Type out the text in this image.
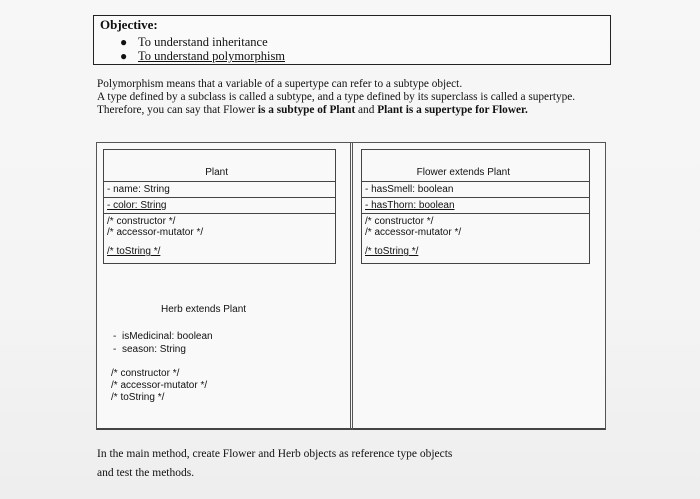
Objective:
● To understand inheritance
● To understand polymorphism

Polymorphism means that a variable of a supertype can refer to a subtype object.

A type defined by a subclass is called a subtype, and a type defined by its superclass is called a supertype.

Therefore, you can say that Flower is a subtype of Plant and Plant is a supertype for Flower.

Plant
- name: String
- color: String
/* constructor */
/* accessor-mutator */
/* toString */
Flower extends Plant
- hasSmell: boolean
- hasThorn: boolean
/* constructor */
/* accessor-mutator */
/* toString */
Herb extends Plant
- isMedicinal: boolean
- season: String
/* constructor */
/* accessor-mutator */
/* toString */

In the main method, create Flower and Herb objects as reference type objects

and test the methods.
